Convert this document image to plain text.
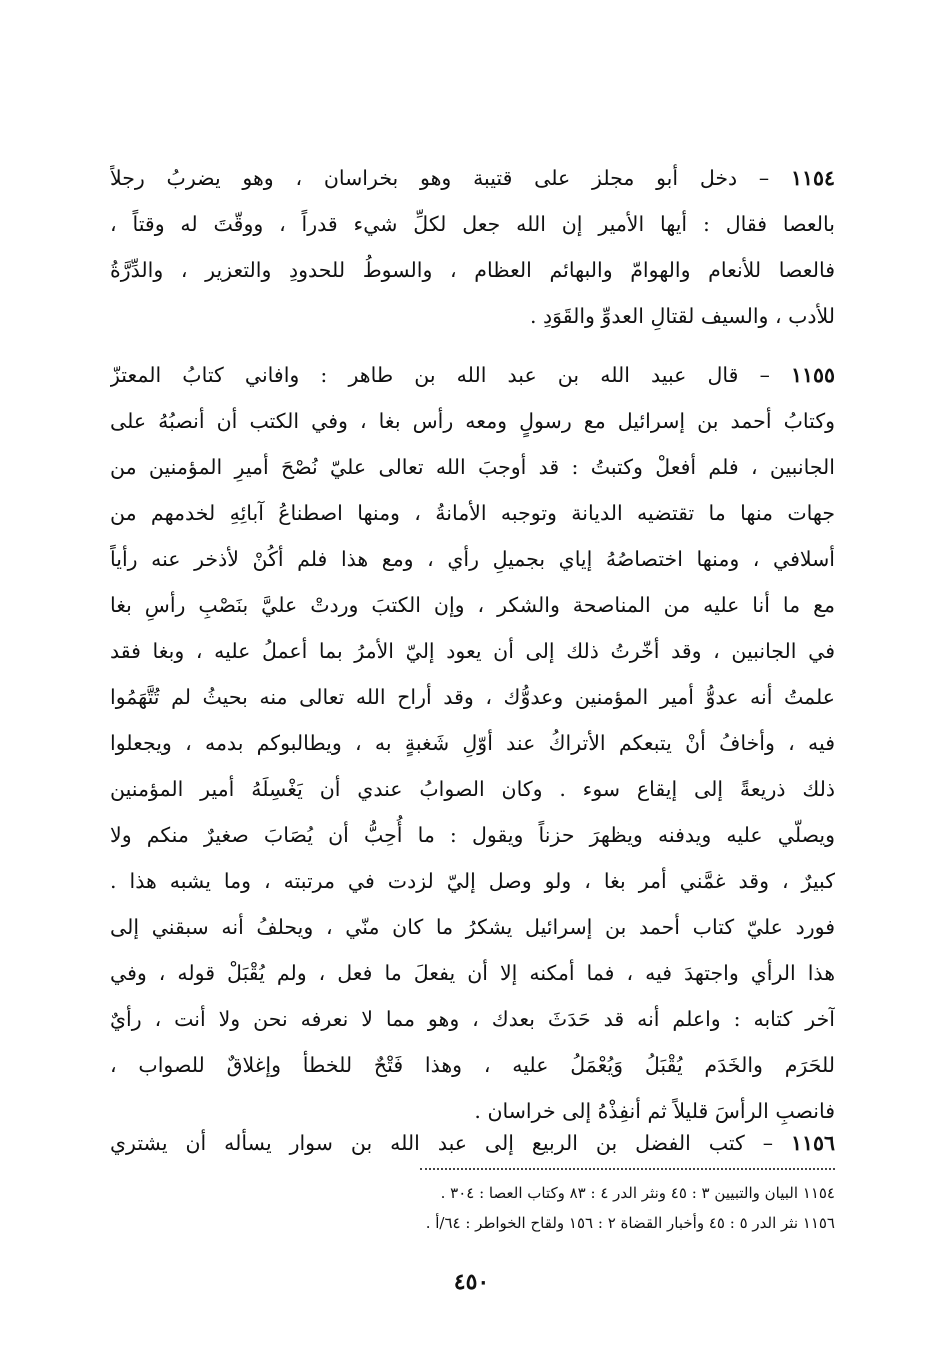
١١٥٤ – دخل أبو مجلز على قتيبة وهو بخراسان ، وهو يضربُ رجلاً
بالعصا فقال : أيها الأمير إن الله جعل لكلِّ شيء قدراً ، ووقّتَ له وقتاً ،
فالعصا للأنعام والهوامّ والبهائم العظام ، والسوطُ للحدودِ والتعزير ، والدِّرَّةُ
للأدب ، والسيف لقتالِ العدوِّ والقَوَدِ .
١١٥٥ – قال عبيد الله بن عبد الله بن طاهر : وافاني كتابُ المعتزّ
وكتابُ أحمد بن إسرائيل مع رسولٍ ومعه رأس بغا ، وفي الكتب أن أنصبُهُ على
الجانبين ، فلم أفعلْ وكتبتُ : قد أوجبَ الله تعالى عليّ نُصْحَ أميرِ المؤمنين من
جهات منها ما تقتضيه الديانة وتوجبه الأمانةُ ، ومنها اصطناعُ آبائِهِ لخدمهم من
أسلافي ، ومنها اختصاصُهُ إياي بجميلِ رأي ، ومع هذا فلم أكُنْ لأذخر عنه رأياً
مع ما أنا عليه من المناصحة والشكر ، وإن الكتبَ وردتْ عليَّ بنَصْبِ رأسِ بغا
في الجانبين ، وقد أخّرتُ ذلك إلى أن يعود إليّ الأمرُ بما أعملُ عليه ، وبغا فقد
علمتُ أنه عدوُّ أمير المؤمنين وعدوُّك ، وقد أراح الله تعالى منه بحيثُ لم تُتَّهَمُوا
فيه ، وأخافُ أنْ يتبعكم الأتراكُ عند أوّلِ شَغبةٍ به ، ويطالبوكم بدمه ، ويجعلوا
ذلك ذريعةً إلى إيقاع سوء . وكان الصوابُ عندي أن يَغْسِلَهُ أمير المؤمنين
ويصلّي عليه ويدفنه ويظهرَ حزناً ويقول : ما أُحِبُّ أن يُصَابَ صغيرٌ منكم ولا
كبيرٌ ، وقد غمَّني أمر بغا ، ولو وصل إليّ لزدت في مرتبته ، وما يشبه هذا .
فورد عليّ كتاب أحمد بن إسرائيل يشكرُ ما كان منّي ، ويحلفُ أنه سبقني إلى
هذا الرأي واجتهدَ فيه ، فما أمكنه إلا أن يفعلَ ما فعل ، ولم يُقْبَلْ قوله ، وفي
آخر كتابه : واعلم أنه قد حَدَثَ بعدك ، وهو مما لا نعرفه نحن ولا أنت ، رأيٌ
للحَرَم والخَدَم يُقْبَلُ وَيُعْمَلُ عليه ، وهذا فَتْحٌ للخطأ وإغلاقٌ للصواب ،
فانصبِ الرأسَ قليلاً ثم أنفِذْهُ إلى خراسان .
١١٥٦ – كتب الفضل بن الربيع إلى عبد الله بن سوار يسأله أن يشتري
١١٥٤ البيان والتبيين ٣ : ٤٥ ونثر الدر ٤ : ٨٣ وكتاب العصا : ٣٠٤ .
١١٥٦ نثر الدر ٥ : ٤٥ وأخبار القضاة ٢ : ١٥٦ ولقاح الخواطر : ٦٤/أ .
٤٥٠
